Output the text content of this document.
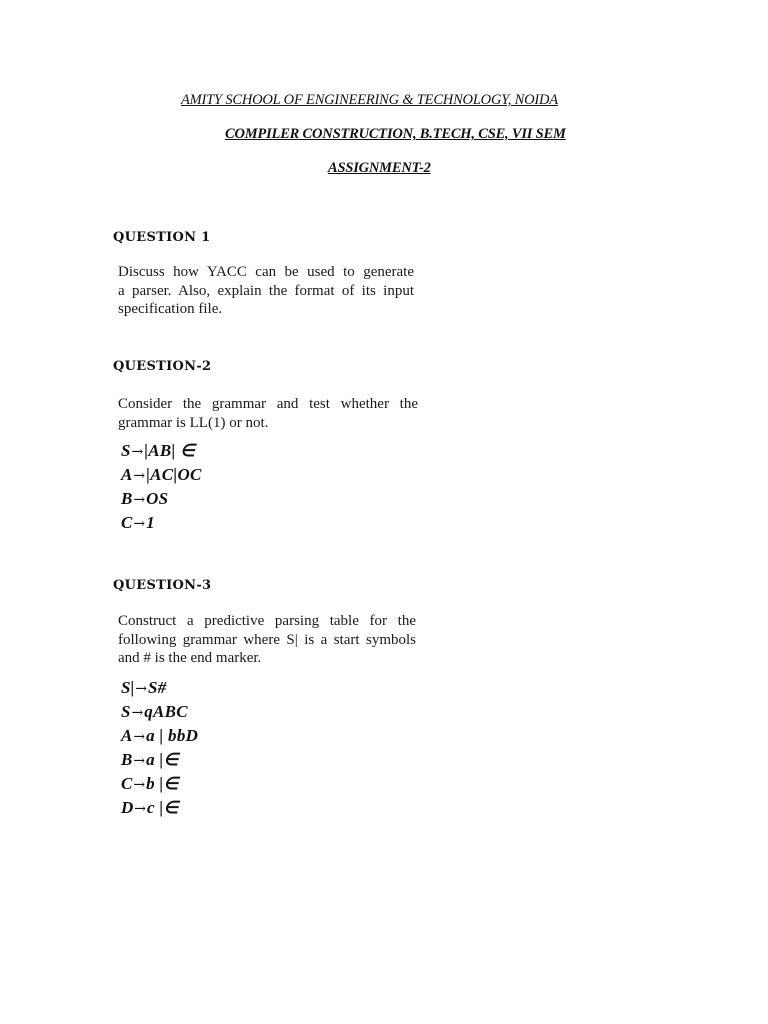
AMITY SCHOOL OF ENGINEERING & TECHNOLOGY, NOIDA
COMPILER CONSTRUCTION, B.TECH, CSE, VII SEM
ASSIGNMENT-2
QUESTION 1
Discuss how YACC can be used to generate
a parser. Also, explain the format of its input
specification file.
QUESTION-2
Consider the grammar and test whether the
grammar is LL(1) or not.
S→|AB| ∈
A→|AC|OC
B→OS
C→1
QUESTION-3
Construct a predictive parsing table for the
following grammar where S| is a start symbols
and # is the end marker.
S|→S#
S→qABC
A→a | bbD
B→a |∈
C→b |∈
D→c |∈
